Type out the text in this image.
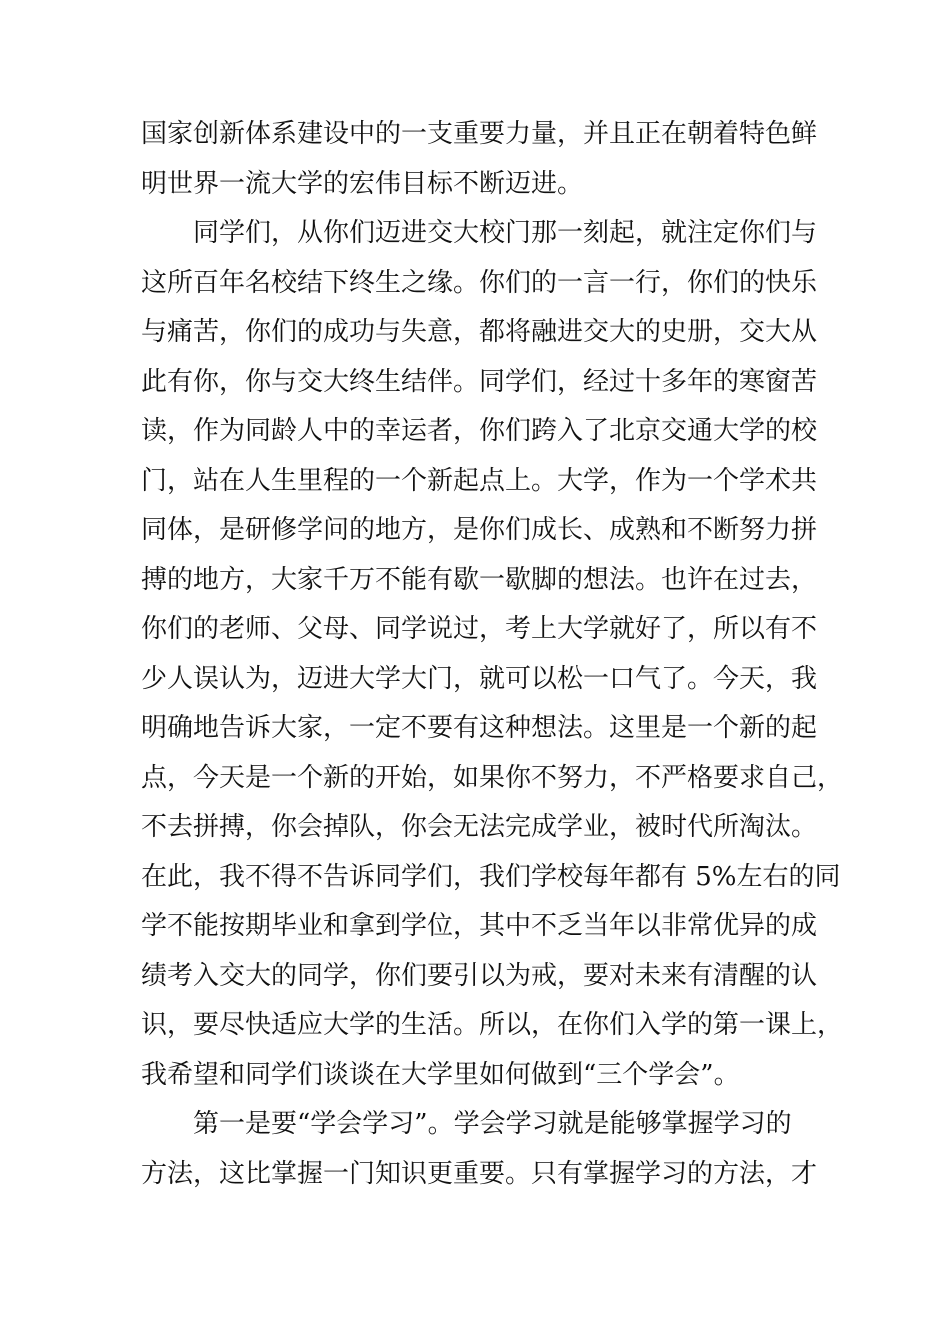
国家创新体系建设中的一支重要力量，并且正在朝着特色鲜
明世界一流大学的宏伟目标不断迈进。
同学们，从你们迈进交大校门那一刻起，就注定你们与
这所百年名校结下终生之缘。你们的一言一行，你们的快乐
与痛苦，你们的成功与失意，都将融进交大的史册，交大从
此有你，你与交大终生结伴。同学们，经过十多年的寒窗苦
读，作为同龄人中的幸运者，你们跨入了北京交通大学的校
门，站在人生里程的一个新起点上。大学，作为一个学术共
同体，是研修学问的地方，是你们成长、成熟和不断努力拼
搏的地方，大家千万不能有歇一歇脚的想法。也许在过去，
你们的老师、父母、同学说过，考上大学就好了，所以有不
少人误认为，迈进大学大门，就可以松一口气了。今天，我
明确地告诉大家，一定不要有这种想法。这里是一个新的起
点，今天是一个新的开始，如果你不努力，不严格要求自己，
不去拼搏，你会掉队，你会无法完成学业，被时代所淘汰。
在此，我不得不告诉同学们，我们学校每年都有 5%左右的同
学不能按期毕业和拿到学位，其中不乏当年以非常优异的成
绩考入交大的同学，你们要引以为戒，要对未来有清醒的认
识，要尽快适应大学的生活。所以，在你们入学的第一课上，
我希望和同学们谈谈在大学里如何做到“三个学会”。
第一是要“学会学习”。学会学习就是能够掌握学习的
方法，这比掌握一门知识更重要。只有掌握学习的方法，才
